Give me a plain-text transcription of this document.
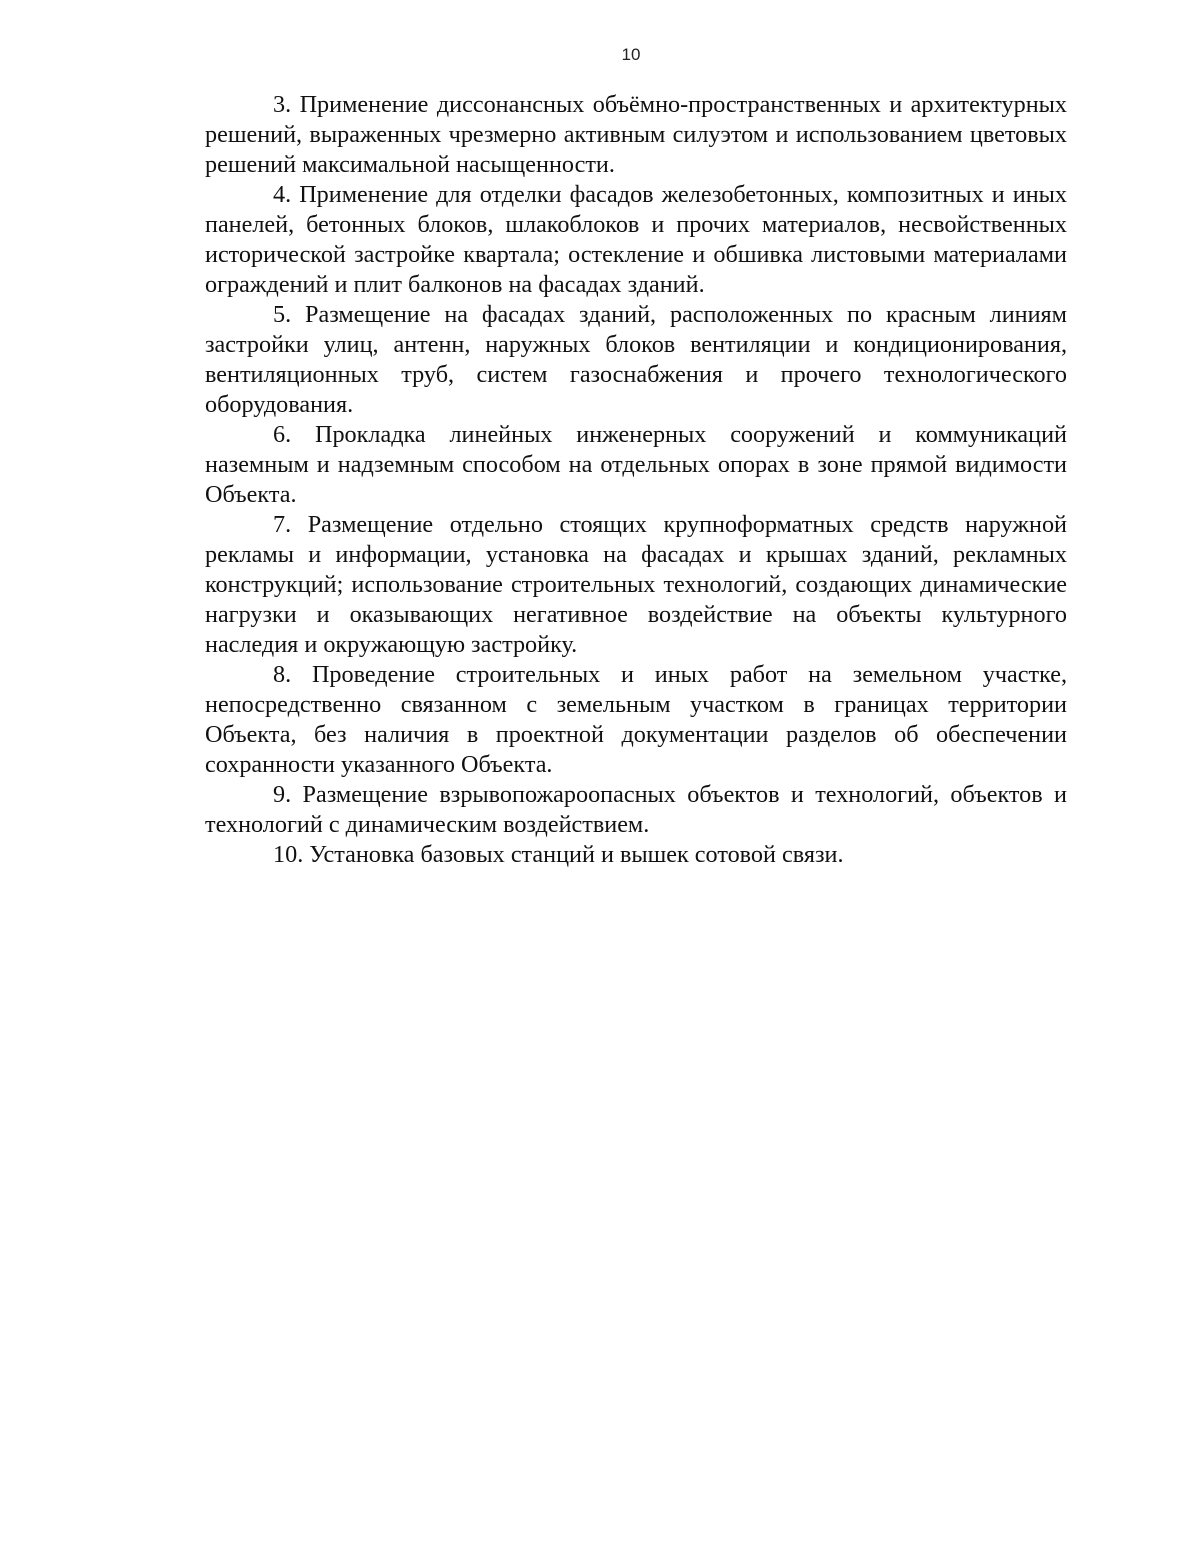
10

3. Применение диссонансных объёмно-пространственных и архитектурных решений, выраженных чрезмерно активным силуэтом и использованием цветовых решений максимальной насыщенности.

4. Применение для отделки фасадов железобетонных, композитных и иных панелей, бетонных блоков, шлакоблоков и прочих материалов, несвойственных исторической застройке квартала; остекление и обшивка листовыми материалами ограждений и плит балконов на фасадах зданий.

5. Размещение на фасадах зданий, расположенных по красным линиям застройки улиц, антенн, наружных блоков вентиляции и кондиционирования, вентиляционных труб, систем газоснабжения и прочего технологического оборудования.

6. Прокладка линейных инженерных сооружений и коммуникаций наземным и надземным способом на отдельных опорах в зоне прямой видимости Объекта.

7. Размещение отдельно стоящих крупноформатных средств наружной рекламы и информации, установка на фасадах и крышах зданий, рекламных конструкций; использование строительных технологий, создающих динамические нагрузки и оказывающих негативное воздействие на объекты культурного наследия и окружающую застройку.

8. Проведение строительных и иных работ на земельном участке, непосредственно связанном с земельным участком в границах территории Объекта, без наличия в проектной документации разделов об обеспечении сохранности указанного Объекта.

9. Размещение взрывопожароопасных объектов и технологий, объектов и технологий с динамическим воздействием.

10. Установка базовых станций и вышек сотовой связи.
